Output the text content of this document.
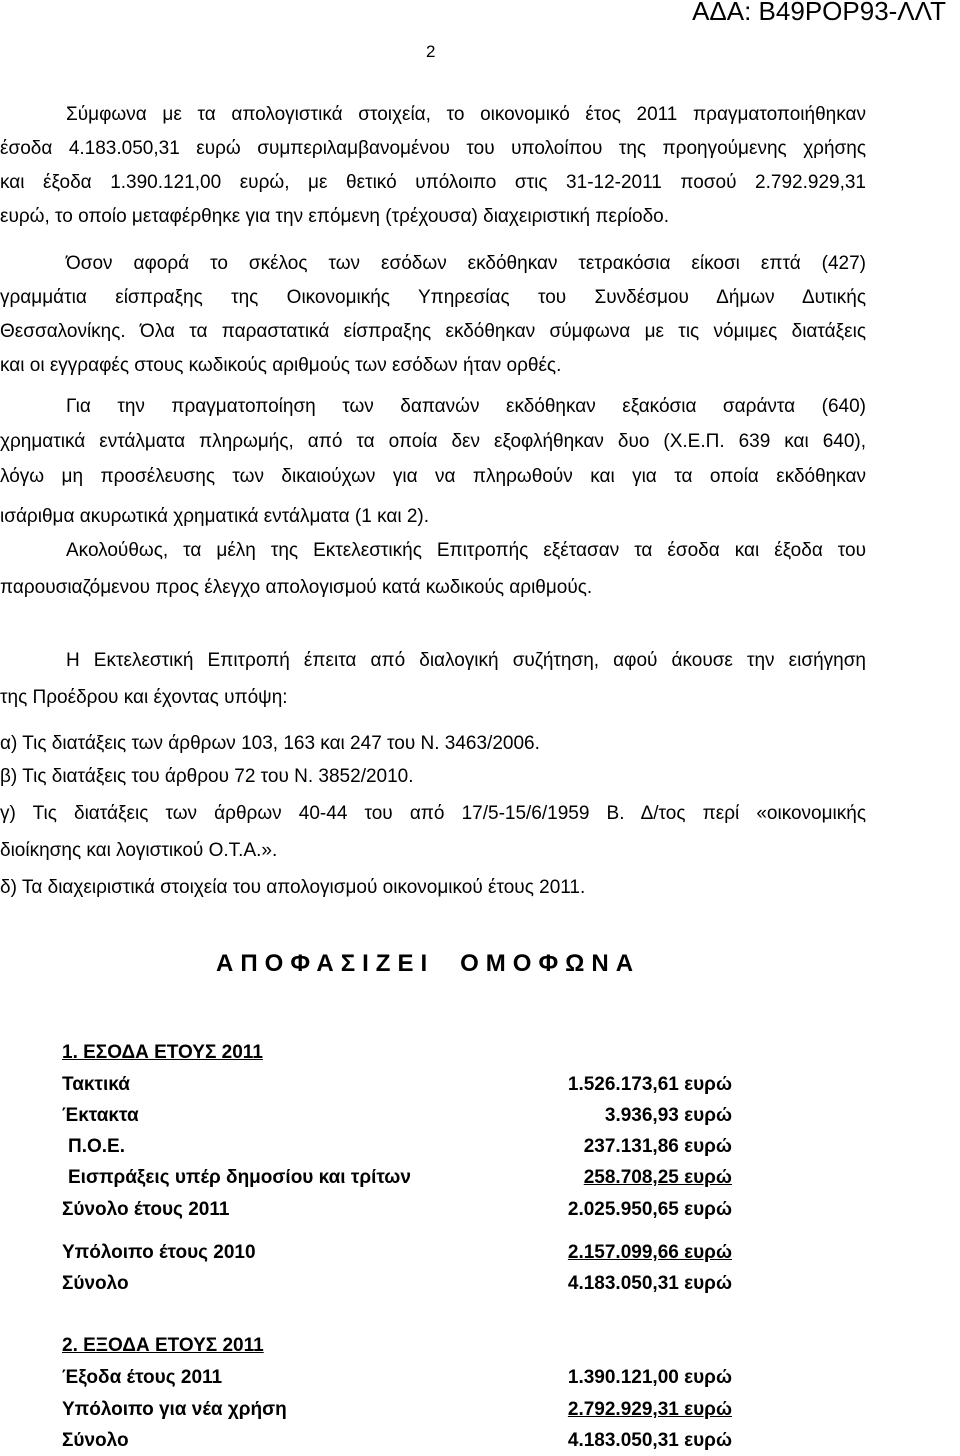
ΑΔΑ: Β49ΡΟΡ93-ΛΛΤ
2
Σύμφωνα με τα απολογιστικά στοιχεία, το οικονομικό έτος 2011 πραγματοποιήθηκαν
έσοδα 4.183.050,31 ευρώ συμπεριλαμβανομένου του υπολοίπου της προηγούμενης χρήσης
και έξοδα 1.390.121,00 ευρώ, με θετικό υπόλοιπο στις 31-12-2011 ποσού 2.792.929,31
ευρώ, το οποίο μεταφέρθηκε για την επόμενη (τρέχουσα) διαχειριστική περίοδο.
Όσον αφορά το σκέλος των εσόδων εκδόθηκαν τετρακόσια είκοσι επτά (427)
γραμμάτια είσπραξης της Οικονομικής Υπηρεσίας του Συνδέσμου Δήμων Δυτικής
Θεσσαλονίκης. Όλα τα παραστατικά είσπραξης εκδόθηκαν σύμφωνα με τις νόμιμες διατάξεις
και οι εγγραφές στους κωδικούς αριθμούς των εσόδων ήταν ορθές.
Για την πραγματοποίηση των δαπανών εκδόθηκαν εξακόσια σαράντα (640)
χρηματικά εντάλματα πληρωμής, από τα οποία δεν εξοφλήθηκαν δυο (Χ.Ε.Π. 639 και 640),
λόγω μη προσέλευσης των δικαιούχων για να πληρωθούν και για τα οποία εκδόθηκαν
ισάριθμα ακυρωτικά χρηματικά εντάλματα (1 και 2).
Ακολούθως, τα μέλη της Εκτελεστικής Επιτροπής εξέτασαν τα έσοδα και έξοδα του
παρουσιαζόμενου προς έλεγχο απολογισμού κατά κωδικούς αριθμούς.
Η Εκτελεστική Επιτροπή έπειτα από διαλογική συζήτηση, αφού άκουσε την εισήγηση
της Προέδρου και έχοντας υπόψη:
α) Τις διατάξεις των άρθρων 103, 163 και 247 του Ν. 3463/2006.
β) Τις διατάξεις του άρθρου 72 του Ν. 3852/2010.
γ) Τις διατάξεις των άρθρων 40-44 του από 17/5-15/6/1959 Β. Δ/τος περί «οικονομικής
διοίκησης και λογιστικού Ο.Τ.Α.».
δ) Τα διαχειριστικά στοιχεία του απολογισμού οικονομικού έτους 2011.
ΑΠΟΦΑΣΙΖΕΙ ΟΜΟΦΩΝΑ
1. ΕΣΟΔΑ ΕΤΟΥΣ 2011
Τακτικά	1.526.173,61 ευρώ
Έκτακτα	3.936,93 ευρώ
Π.Ο.Ε.	237.131,86 ευρώ
Εισπράξεις υπέρ δημοσίου και τρίτων	258.708,25 ευρώ
Σύνολο έτους 2011	2.025.950,65 ευρώ
Υπόλοιπο έτους 2010	2.157.099,66 ευρώ
Σύνολο	4.183.050,31 ευρώ
2. ΕΞΟΔΑ ΕΤΟΥΣ 2011
Έξοδα έτους 2011	1.390.121,00 ευρώ
Υπόλοιπο για νέα χρήση	2.792.929,31 ευρώ
Σύνολο	4.183.050,31 ευρώ
